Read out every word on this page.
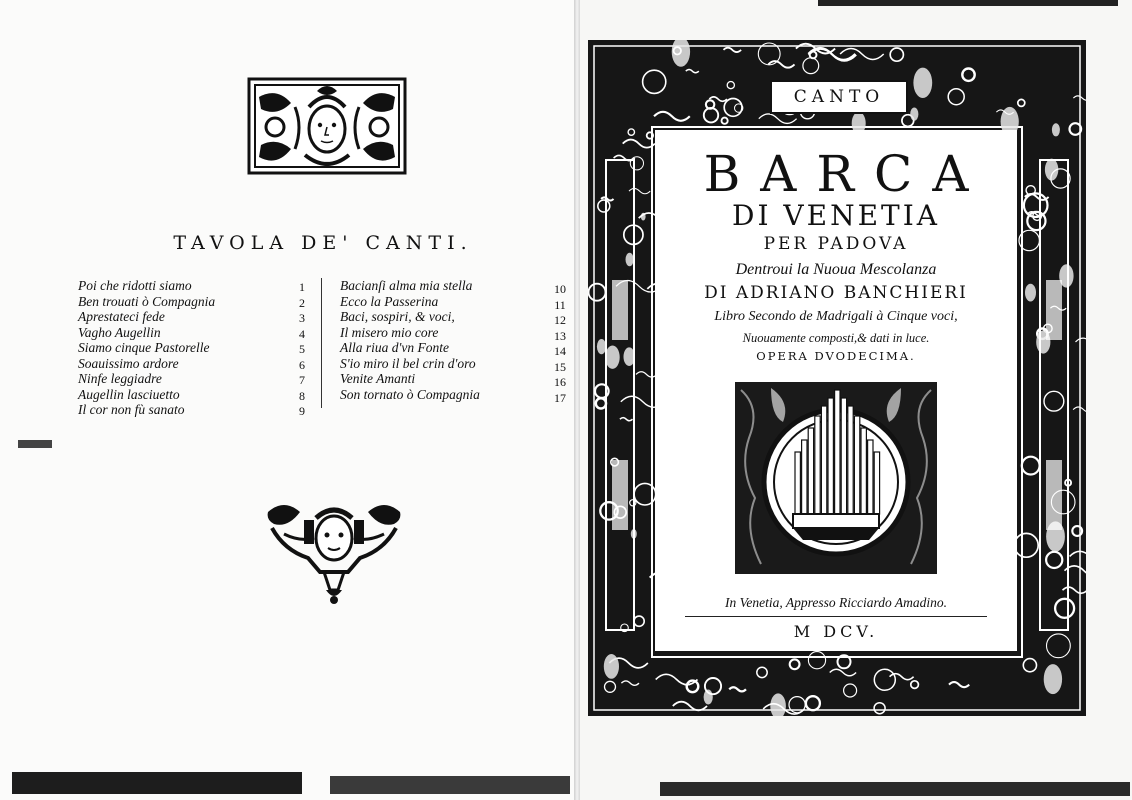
TAVOLA DE' CANTI.
Poi che ridotti siamo
Ben trouati ò Compagnia
Aprestateci fede
Vagho Augellin
Siamo cinque Pastorelle
Soauissimo ardore
Ninfe leggiadre
Augellin lasciuetto
Il cor non fù sanato
1
2
3
4
5
6
7
8
9
Bacianſi alma mia stella
Ecco la Passerina
Baci, sospiri, & voci,
Il misero mio core
Alla riua d'vn Fonte
S'io miro il bel crin d'oro
Venite Amanti
Son tornato ò Compagnia
10
11
12
13
14
15
16
17
BARCA
DI VENETIA
PER PADOVA
Dentroui la Nuoua Mescolanza
DI ADRIANO BANCHIERI
Libro Secondo de Madrigali à Cinque voci,
Nuouamente composti,& dati in luce.
OPERA DVODECIMA.
In Venetia, Appresso Ricciardo Amadino.
M DCV.
CANTO
